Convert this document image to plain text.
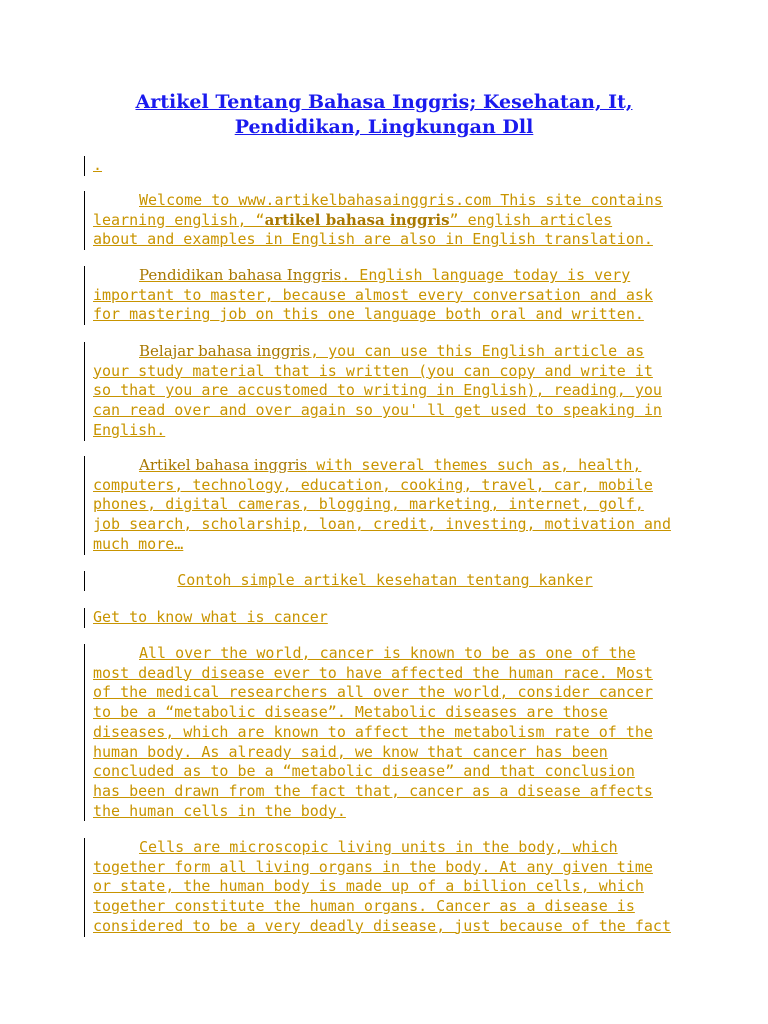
Artikel Tentang Bahasa Inggris; Kesehatan, It,
Pendidikan, Lingkungan Dll
.
Welcome to www.artikelbahasainggris.com This site contains
learning english, “artikel bahasa inggris” english articles
about and examples in English are also in English translation.
Pendidikan bahasa Inggris. English language today is very
important to master, because almost every conversation and ask
for mastering job on this one language both oral and written.
Belajar bahasa inggris, you can use this English article as
your study material that is written (you can copy and write it
so that you are accustomed to writing in English), reading, you
can read over and over again so you' ll get used to speaking in
English.
Artikel bahasa inggris with several themes such as, health,
computers, technology, education, cooking, travel, car, mobile
phones, digital cameras, blogging, marketing, internet, golf,
job search, scholarship, loan, credit, investing, motivation and
much more…
Contoh simple artikel kesehatan tentang kanker
Get to know what is cancer
All over the world, cancer is known to be as one of the
most deadly disease ever to have affected the human race. Most
of the medical researchers all over the world, consider cancer
to be a “metabolic disease”. Metabolic diseases are those
diseases, which are known to affect the metabolism rate of the
human body. As already said, we know that cancer has been
concluded as to be a “metabolic disease” and that conclusion
has been drawn from the fact that, cancer as a disease affects
the human cells in the body.
Cells are microscopic living units in the body, which
together form all living organs in the body. At any given time
or state, the human body is made up of a billion cells, which
together constitute the human organs. Cancer as a disease is
considered to be a very deadly disease, just because of the fact
